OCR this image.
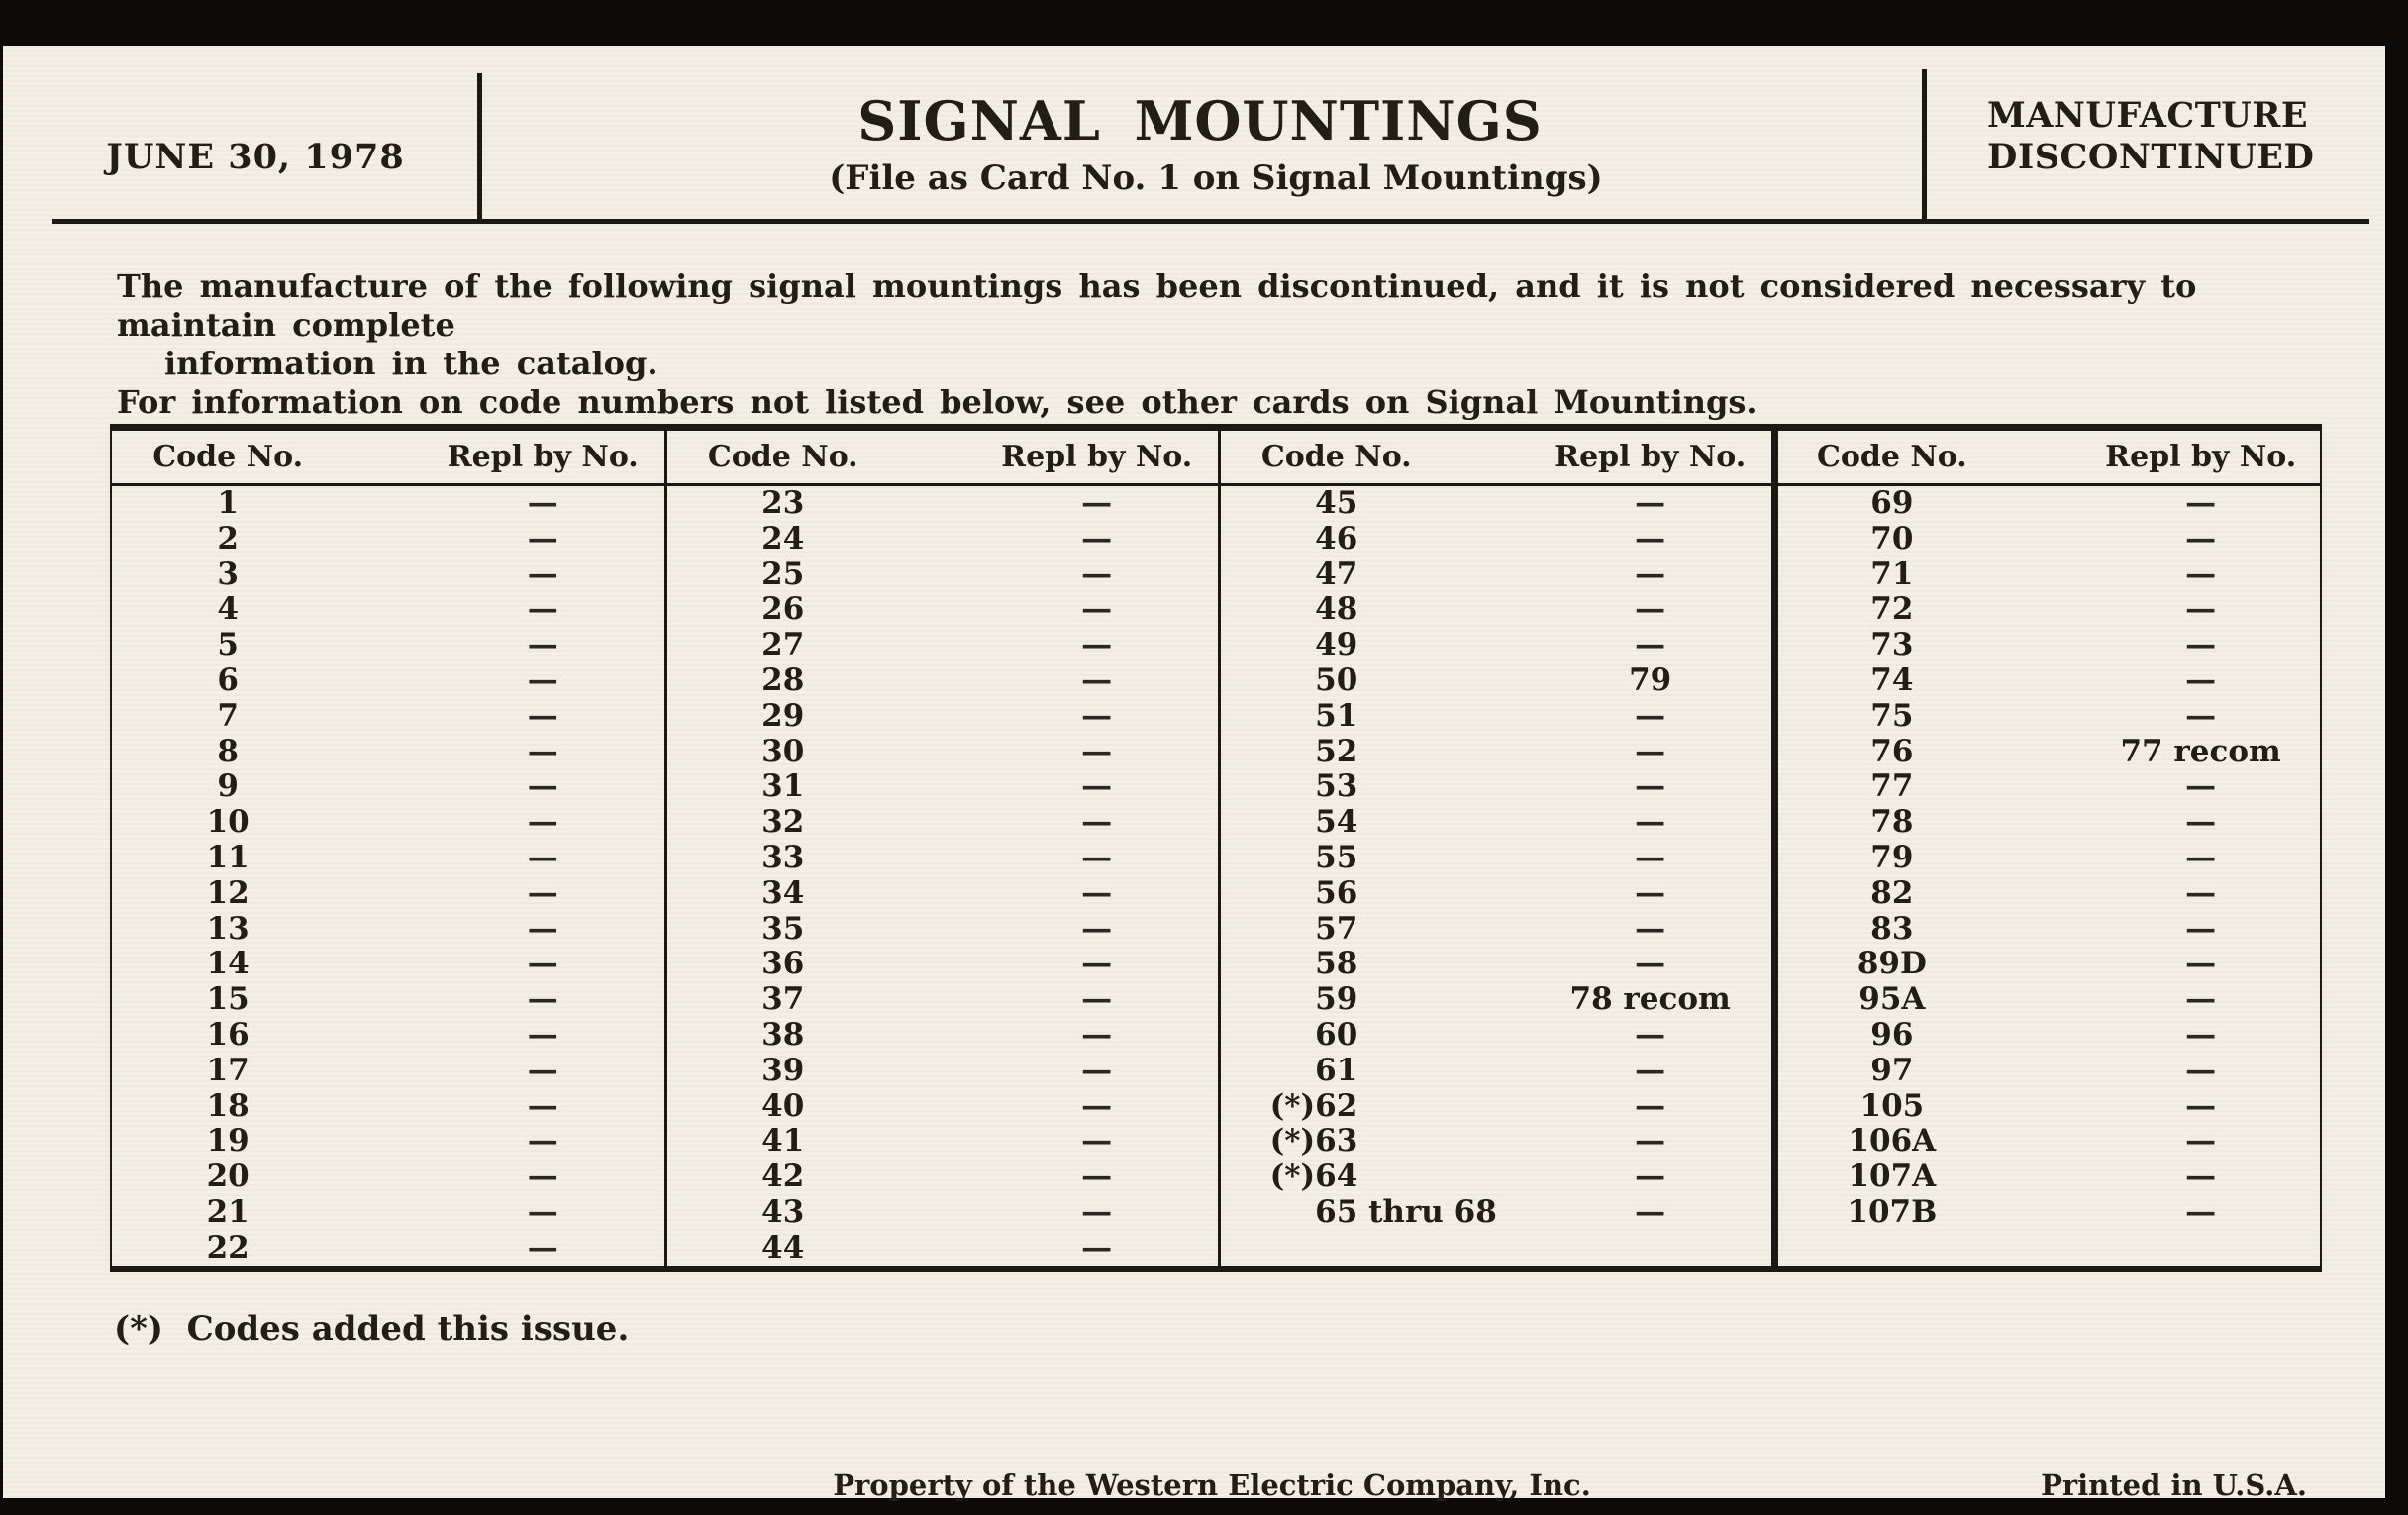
JUNE 30, 1978
SIGNAL MOUNTINGS
(File as Card No. 1 on Signal Mountings)
MANUFACTURE
DISCONTINUED
The manufacture of the following signal mountings has been discontinued, and it is not considered necessary to maintain complete
information in the catalog.
For information on code numbers not listed below, see other cards on Signal Mountings.
Code No.	Repl by No.
1	—
2	—
3	—
4	—
5	—
6	—
7	—
8	—
9	—
10	—
11	—
12	—
13	—
14	—
15	—
16	—
17	—
18	—
19	—
20	—
21	—
22	—
Code No.	Repl by No.
23	—
24	—
25	—
26	—
27	—
28	—
29	—
30	—
31	—
32	—
33	—
34	—
35	—
36	—
37	—
38	—
39	—
40	—
41	—
42	—
43	—
44	—
Code No.	Repl by No.
45	—
46	—
47	—
48	—
49	—
50	79
51	—
52	—
53	—
54	—
55	—
56	—
57	—
58	—
59	78 recom
60	—
61	—
(*) 62	—
(*) 63	—
(*) 64	—
65 thru 68	—
Code No.	Repl by No.
69	—
70	—
71	—
72	—
73	—
74	—
75	—
76	77 recom
77	—
78	—
79	—
82	—
83	—
89D	—
95A	—
96	—
97	—
105	—
106A	—
107A	—
107B	—
(*)  Codes added this issue.
Property of the Western Electric Company, Inc.	Printed in U.S.A.
